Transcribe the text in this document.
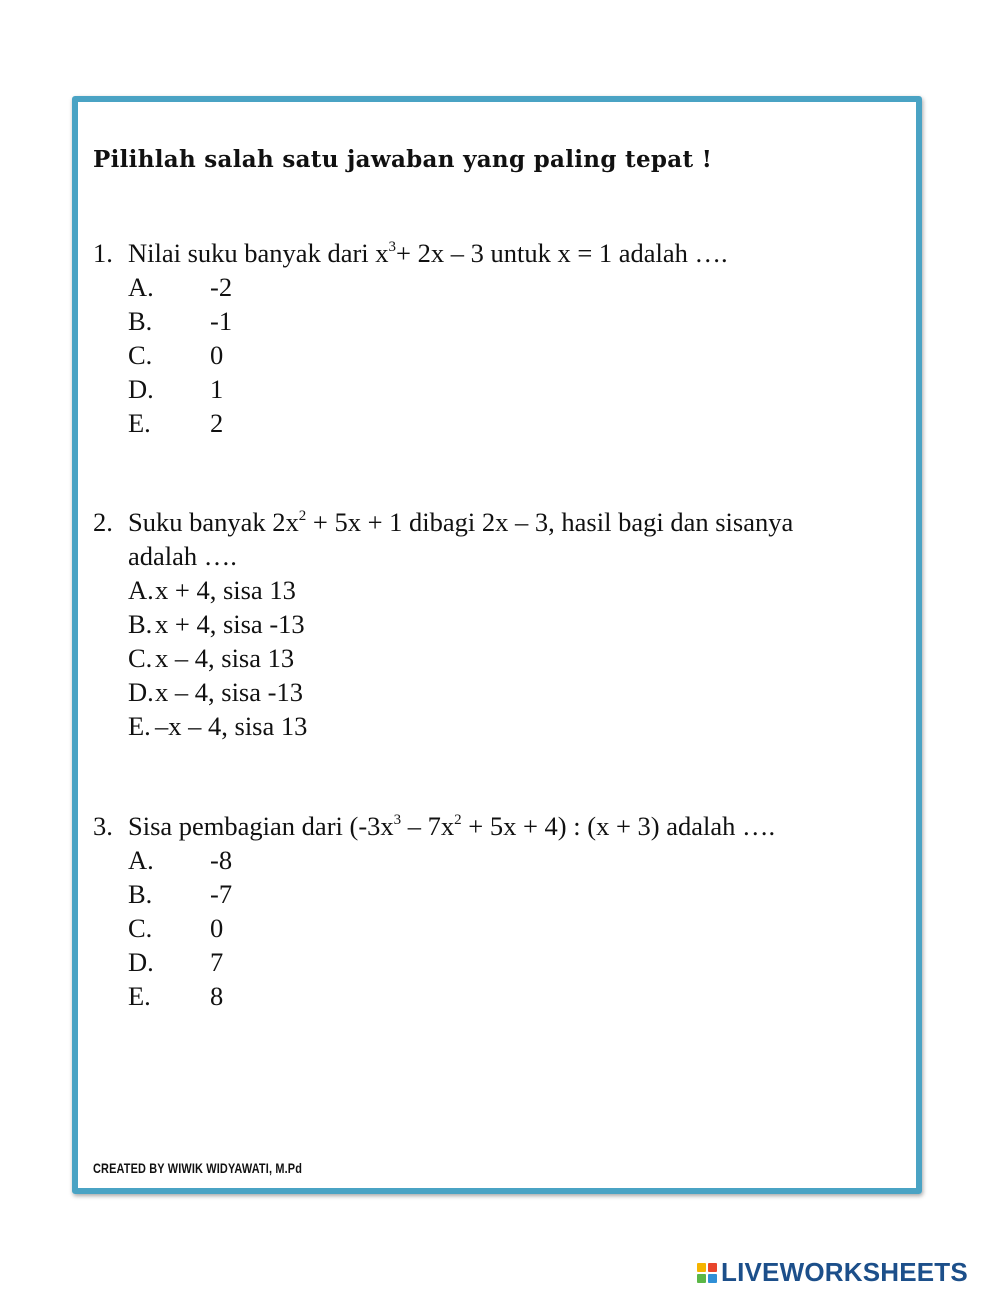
Pilihlah salah satu jawaban yang paling tepat !
1. Nilai suku banyak dari $x^3+ 2x - 3$ untuk x = 1 adalah ….
A.	-2
B.	-1
C.	0
D.	1
E.	2
2. Suku banyak $2x^2 + 5x + 1$ dibagi 2x – 3, hasil bagi dan sisanya
adalah ….
A. x + 4, sisa 13
B. x + 4, sisa -13
C. x – 4, sisa 13
D. x – 4, sisa -13
E. –x – 4, sisa 13
3. Sisa pembagian dari $(-3x^3 - 7x^2 + 5x + 4)$ : (x + 3) adalah ….
A.	-8
B.	-7
C.	0
D.	7
E.	8
CREATED BY WIWIK WIDYAWATI, M.Pd
LIVEWORKSHEETS
